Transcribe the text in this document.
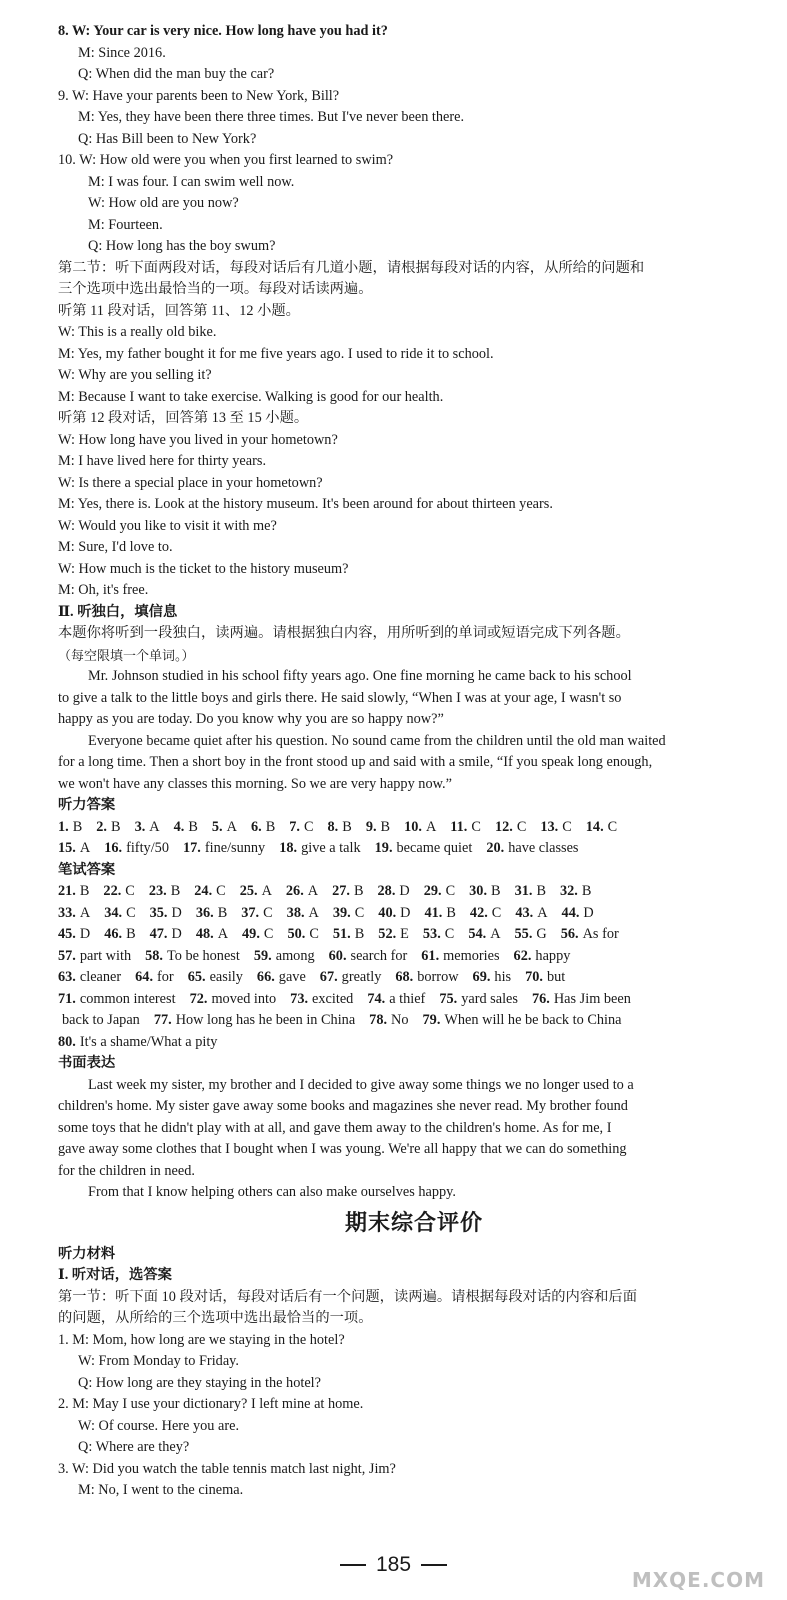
8. W: Your car is very nice. How long have you had it?
M: Since 2016.
Q: When did the man buy the car?
9. W: Have your parents been to New York, Bill?
M: Yes, they have been there three times. But I've never been there.
Q: Has Bill been to New York?
10. W: How old were you when you first learned to swim?
M: I was four. I can swim well now.
W: How old are you now?
M: Fourteen.
Q: How long has the boy swum?
第二节：听下面两段对话，每段对话后有几道小题，请根据每段对话的内容，从所给的问题和
三个选项中选出最恰当的一项。每段对话读两遍。
听第 11 段对话，回答第 11、12 小题。
W: This is a really old bike.
M: Yes, my father bought it for me five years ago. I used to ride it to school.
W: Why are you selling it?
M: Because I want to take exercise. Walking is good for our health.
听第 12 段对话，回答第 13 至 15 小题。
W: How long have you lived in your hometown?
M: I have lived here for thirty years.
W: Is there a special place in your hometown?
M: Yes, there is. Look at the history museum. It's been around for about thirteen years.
W: Would you like to visit it with me?
M: Sure, I'd love to.
W: How much is the ticket to the history museum?
M: Oh, it's free.
Ⅱ. 听独白，填信息
本题你将听到一段独白，读两遍。请根据独白内容，用所听到的单词或短语完成下列各题。
（每空限填一个单词。）
Mr. Johnson studied in his school fifty years ago. One fine morning he came back to his school
to give a talk to the little boys and girls there. He said slowly, “When I was at your age, I wasn't so
happy as you are today. Do you know why you are so happy now?”
Everyone became quiet after his question. No sound came from the children until the old man waited
for a long time. Then a short boy in the front stood up and said with a smile, “If you speak long enough,
we won't have any classes this morning. So we are very happy now.”
听力答案
1. B 2. B 3. A 4. B 5. A 6. B 7. C 8. B 9. B 10. A 11. C 12. C 13. C 14. C
15. A 16. fifty/50 17. fine/sunny 18. give a talk 19. became quiet 20. have classes
笔试答案
21. B 22. C 23. B 24. C 25. A 26. A 27. B 28. D 29. C 30. B 31. B 32. B
33. A 34. C 35. D 36. B 37. C 38. A 39. C 40. D 41. B 42. C 43. A 44. D
45. D 46. B 47. D 48. A 49. C 50. C 51. B 52. E 53. C 54. A 55. G 56. As for
57. part with 58. To be honest 59. among 60. search for 61. memories 62. happy
63. cleaner 64. for 65. easily 66. gave 67. greatly 68. borrow 69. his 70. but
71. common interest 72. moved into 73. excited 74. a thief 75. yard sales 76. Has Jim been
back to Japan 77. How long has he been in China 78. No 79. When will he be back to China
80. It's a shame/What a pity
书面表达
Last week my sister, my brother and I decided to give away some things we no longer used to a
children's home. My sister gave away some books and magazines she never read. My brother found
some toys that he didn't play with at all, and gave them away to the children's home. As for me, I
gave away some clothes that I bought when I was young. We're all happy that we can do something
for the children in need.
From that I know helping others can also make ourselves happy.
期末综合评价
听力材料
Ⅰ. 听对话，选答案
第一节：听下面 10 段对话，每段对话后有一个问题，读两遍。请根据每段对话的内容和后面
的问题，从所给的三个选项中选出最恰当的一项。
1. M: Mom, how long are we staying in the hotel?
W: From Monday to Friday.
Q: How long are they staying in the hotel?
2. M: May I use your dictionary? I left mine at home.
W: Of course. Here you are.
Q: Where are they?
3. W: Did you watch the table tennis match last night, Jim?
M: No, I went to the cinema.
185
MXQE.COM
